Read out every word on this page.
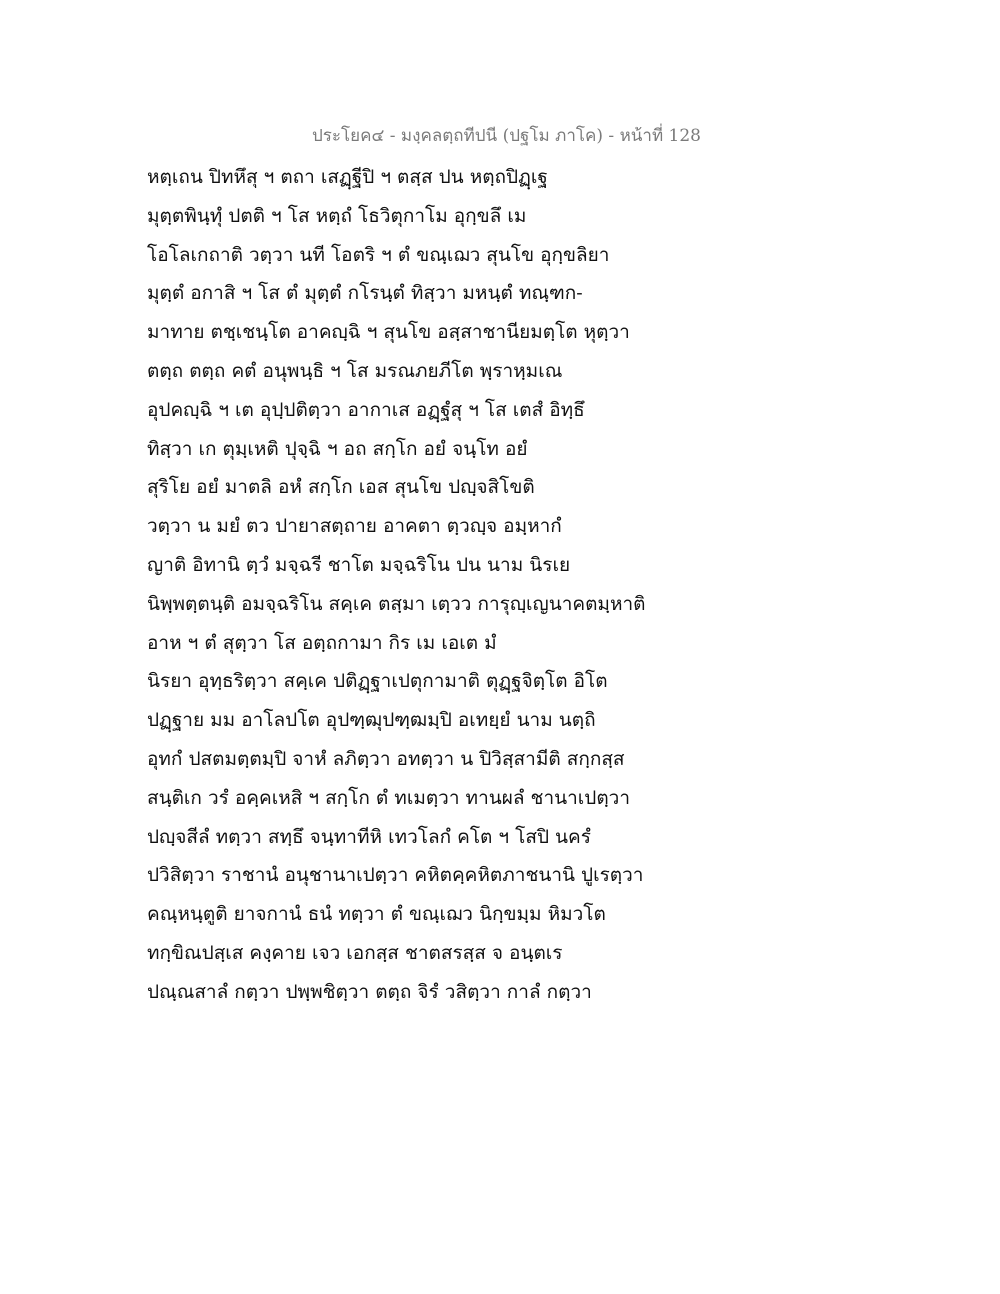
ประโยค๔ - มงฺคลตฺถทีปนี (ปฐโม ภาโค) - หน้าที่ 128
หตฺเถน ปิทหึสุ ฯ ตถา เสฏฺฐีปิ ฯ ตสฺส ปน หตฺถปิฏฺเฐ
มุตฺตพินฺทุํ ปตติ ฯ โส หตฺถํ โธวิตุกาโม อุกฺขลึ เม
โอโลเกถาติ วตฺวา นที โอตริ ฯ ตํ ขณฺเฌว สุนโข อุกฺขลิยา
มุตฺตํ อกาสิ ฯ โส ตํ มุตฺตํ กโรนฺตํ ทิสฺวา มหนฺตํ ทณฺฑก-
มาทาย ตชฺเชนฺโต อาคญฺฉิ ฯ สุนโข อสฺสาชานียมตฺโต หุตฺวา
ตตฺถ ตตฺถ คตํ อนุพนฺธิ ฯ โส มรณภยภีโต พฺราหฺมเณ
อุปคญฺฉิ ฯ เต อุปฺปติตฺวา อากาเส อฏฺฐํสุ ฯ โส เตสํ อิทฺธึ
ทิสฺวา เก ตุมฺเหติ ปุจฺฉิ ฯ อถ สกฺโก อยํ จนฺโท อยํ
สุริโย อยํ มาตลิ อหํ สกฺโก เอส สุนโข ปญฺจสิโขติ
วตฺวา น มยํ ตว ปายาสตฺถาย อาคตา ตฺวญฺจ อมฺหากํ
ญาติ อิทานิ ตฺวํ มจฺฉรี ชาโต มจฺฉริโน ปน นาม นิรเย
นิพฺพตฺตนฺติ อมจฺฉริโน สคฺเค ตสฺมา เตฺวว การุญฺเญนาคตมฺหาติ
อาห ฯ ตํ สุตฺวา โส อตฺถกามา กิร เม เอเต มํ
นิรยา อุทฺธริตฺวา สคฺเค ปติฏฺฐาเปตุกามาติ ตุฏฺฐจิตฺโต อิโต
ปฏฺฐาย มม อาโลปโต อุปฑฺฒุปฑฺฒมฺปิ อเทยฺยํ นาม นตฺถิ
อุทกํ ปสตมตฺตมฺปิ จาหํ ลภิตฺวา อทตฺวา น ปิวิสฺสามีติ สกฺกสฺส
สนฺติเก วรํ อคฺคเหสิ ฯ สกฺโก ตํ ทเมตฺวา ทานผลํ ชานาเปตฺวา
ปญฺจสีลํ ทตฺวา สทฺธึ จนฺทาทีหิ เทวโลกํ คโต ฯ โสปิ นครํ
ปวิสิตฺวา ราชานํ อนุชานาเปตฺวา คหิตคฺคหิตภาชนานิ ปูเรตฺวา
คณฺหนฺตูติ ยาจกานํ ธนํ ทตฺวา ตํ ขณฺเฌว นิกฺขมฺม หิมวโต
ทกฺขิณปสฺเส คงฺคาย เจว เอกสฺส ชาตสรสฺส จ อนฺตเร
ปณฺณสาลํ กตฺวา ปพฺพชิตฺวา ตตฺถ จิรํ วสิตฺวา กาลํ กตฺวา
